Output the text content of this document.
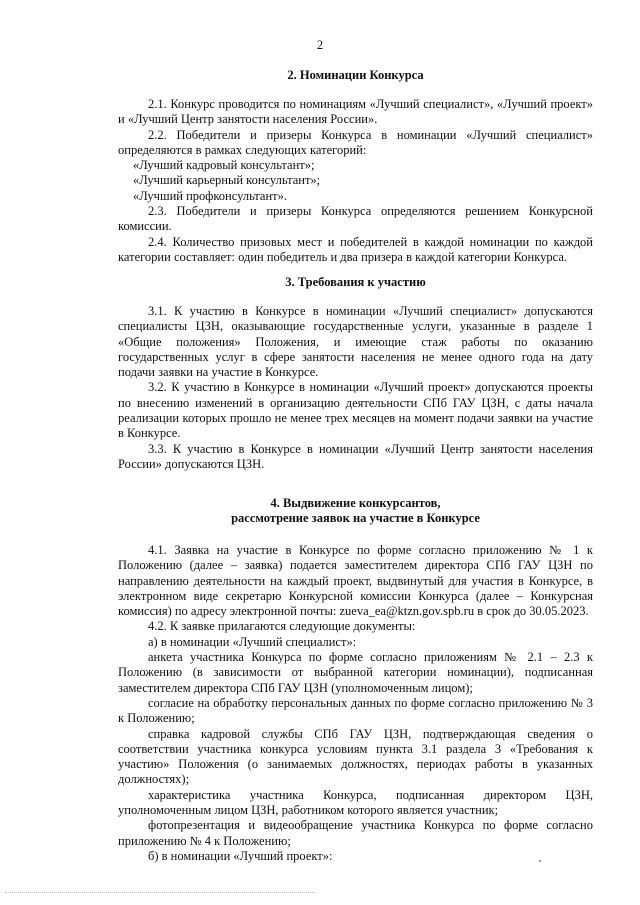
2

2. Номинации Конкурса

2.1. Конкурс проводится по номинациям «Лучший специалист», «Лучший проект» и «Лучший Центр занятости населения России».

2.2. Победители и призеры Конкурса в номинации «Лучший специалист» определяются в рамках следующих категорий:

«Лучший кадровый консультант»;

«Лучший карьерный консультант»;

«Лучший профконсультант».

2.3. Победители и призеры Конкурса определяются решением Конкурсной комиссии.

2.4. Количество призовых мест и победителей в каждой номинации по каждой категории составляет: один победитель и два призера в каждой категории Конкурса.

3. Требования к участию

3.1. К участию в Конкурсе в номинации «Лучший специалист» допускаются специалисты ЦЗН, оказывающие государственные услуги, указанные в разделе 1 «Общие положения» Положения, и имеющие стаж работы по оказанию государственных услуг в сфере занятости населения не менее одного года на дату подачи заявки на участие в Конкурсе.

3.2. К участию в Конкурсе в номинации «Лучший проект» допускаются проекты по внесению изменений в организацию деятельности СПб ГАУ ЦЗН, с даты начала реализации которых прошло не менее трех месяцев на момент подачи заявки на участие в Конкурсе.

3.3. К участию в Конкурсе в номинации «Лучший Центр занятости населения России» допускаются ЦЗН.

4. Выдвижение конкурсантов,

рассмотрение заявок на участие в Конкурсе

4.1. Заявка на участие в Конкурсе по форме согласно приложению № 1 к Положению (далее – заявка) подается заместителем директора СПб ГАУ ЦЗН по направлению деятельности на каждый проект, выдвинутый для участия в Конкурсе, в электронном виде секретарю Конкурсной комиссии Конкурса (далее – Конкурсная комиссия) по адресу электронной почты: zueva_ea@ktzn.gov.spb.ru в срок до 30.05.2023.

4.2. К заявке прилагаются следующие документы:

а) в номинации «Лучший специалист»:

анкета участника Конкурса по форме согласно приложениям № 2.1 – 2.3 к Положению (в зависимости от выбранной категории номинации), подписанная заместителем директора СПб ГАУ ЦЗН (уполномоченным лицом);

согласие на обработку персональных данных по форме согласно приложению № 3 к Положению;

справка кадровой службы СПб ГАУ ЦЗН, подтверждающая сведения о соответствии участника конкурса условиям пункта 3.1 раздела 3 «Требования к участию» Положения (о занимаемых должностях, периодах работы в указанных должностях);

характеристика участника Конкурса, подписанная директором ЦЗН, уполномоченным лицом ЦЗН, работником которого является участник;

фотопрезентация и видеообращение участника Конкурса по форме согласно приложению № 4 к Положению;

б) в номинации «Лучший проект»:
